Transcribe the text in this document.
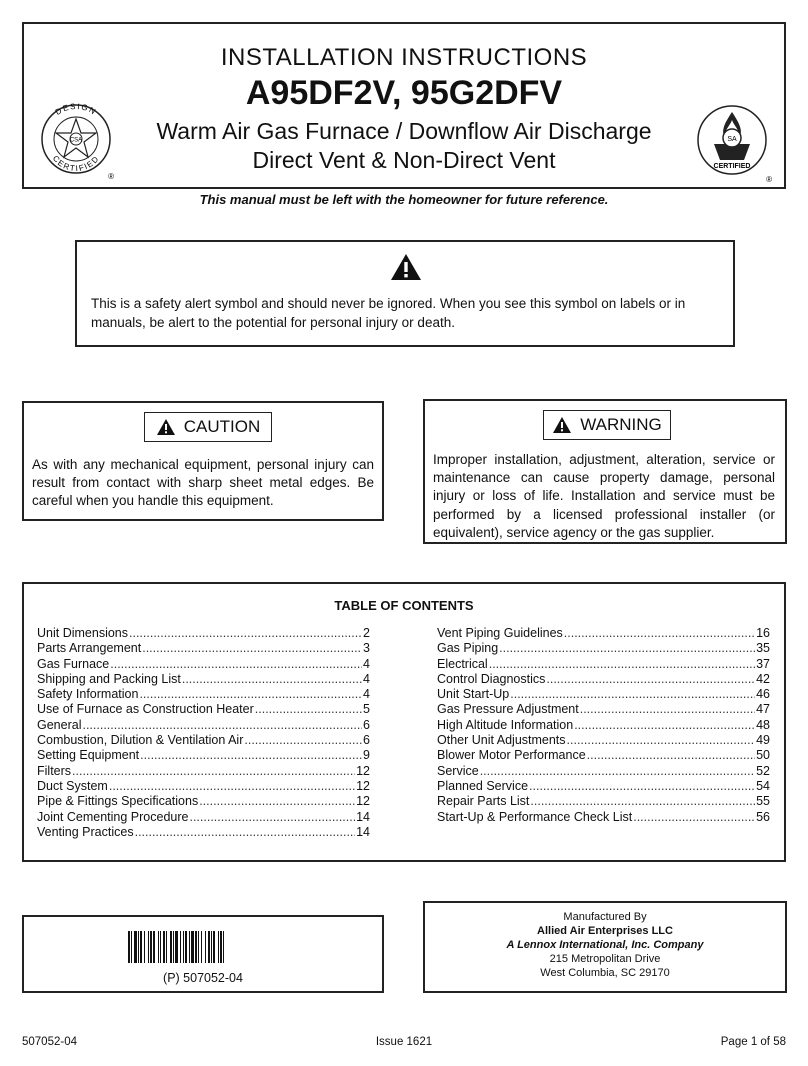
INSTALLATION INSTRUCTIONS
A95DF2V, 95G2DFV
Warm Air Gas Furnace / Downflow Air Discharge
Direct Vent & Non-Direct Vent
DESIGN
CERTIFIED
CSA
®
SA
CERTIFIED
®
This manual must be left with the homeowner for future reference.
This is a safety alert symbol and should never be ignored. When you see this symbol on labels or in manuals, be alert to the potential for personal injury or death.
CAUTION
As with any mechanical equipment, personal injury can result from contact with sharp sheet metal edges. Be careful when you handle this equipment.
WARNING
Improper installation, adjustment, alteration, service or maintenance can cause property damage, personal injury or loss of life. Installation and service must be performed by a licensed professional installer (or equivalent), service agency or the gas supplier.
TABLE OF CONTENTS
Unit Dimensions .....	2
Parts Arrangement .....	3
Gas Furnace .....	4
Shipping and Packing List .....	4
Safety Information .....	4
Use of Furnace as Construction Heater .....	5
General .....	6
Combustion, Dilution & Ventilation Air .....	6
Setting Equipment .....	9
Filters .....	12
Duct System .....	12
Pipe & Fittings Specifications .....	12
Joint Cementing Procedure .....	14
Venting Practices .....	14
Vent Piping Guidelines .....	16
Gas Piping .....	35
Electrical .....	37
Control Diagnostics .....	42
Unit Start-Up .....	46
Gas Pressure Adjustment .....	47
High Altitude Information .....	48
Other Unit Adjustments .....	49
Blower Motor Performance .....	50
Service .....	52
Planned Service .....	54
Repair Parts List .....	55
Start-Up & Performance Check List .....	56
(P) 507052-04
Manufactured By
Allied Air Enterprises LLC
A Lennox International, Inc. Company
215 Metropolitan Drive
West Columbia, SC 29170
507052-04	Issue 1621	Page 1 of 58
